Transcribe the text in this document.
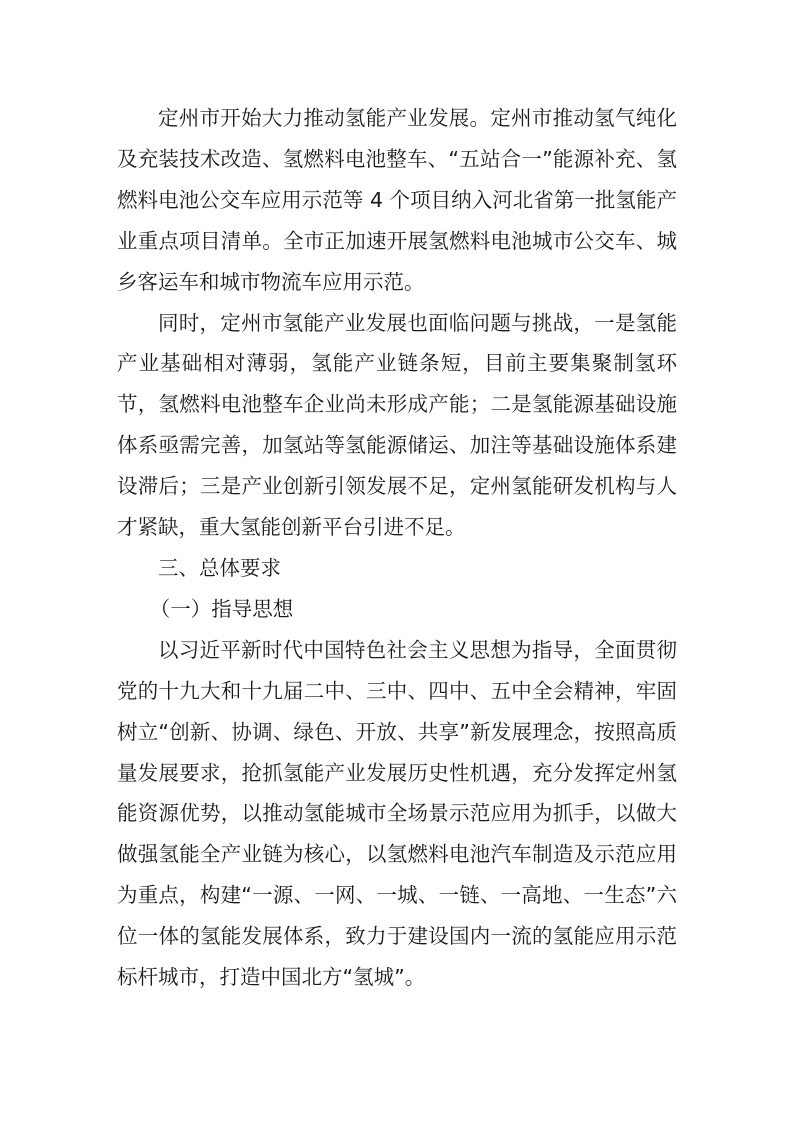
定州市开始大力推动氢能产业发展。定州市推动氢气纯化及充装技术改造、氢燃料电池整车、“五站合一”能源补充、氢燃料电池公交车应用示范等 4 个项目纳入河北省第一批氢能产业重点项目清单。全市正加速开展氢燃料电池城市公交车、城乡客运车和城市物流车应用示范。

同时，定州市氢能产业发展也面临问题与挑战，一是氢能产业基础相对薄弱，氢能产业链条短，目前主要集聚制氢环节，氢燃料电池整车企业尚未形成产能；二是氢能源基础设施体系亟需完善，加氢站等氢能源储运、加注等基础设施体系建设滞后；三是产业创新引领发展不足，定州氢能研发机构与人才紧缺，重大氢能创新平台引进不足。

三、总体要求

（一）指导思想

以习近平新时代中国特色社会主义思想为指导，全面贯彻党的十九大和十九届二中、三中、四中、五中全会精神，牢固树立“创新、协调、绿色、开放、共享”新发展理念，按照高质量发展要求，抢抓氢能产业发展历史性机遇，充分发挥定州氢能资源优势，以推动氢能城市全场景示范应用为抓手，以做大做强氢能全产业链为核心，以氢燃料电池汽车制造及示范应用为重点，构建“一源、一网、一城、一链、一高地、一生态”六位一体的氢能发展体系，致力于建设国内一流的氢能应用示范标杆城市，打造中国北方“氢城”。
